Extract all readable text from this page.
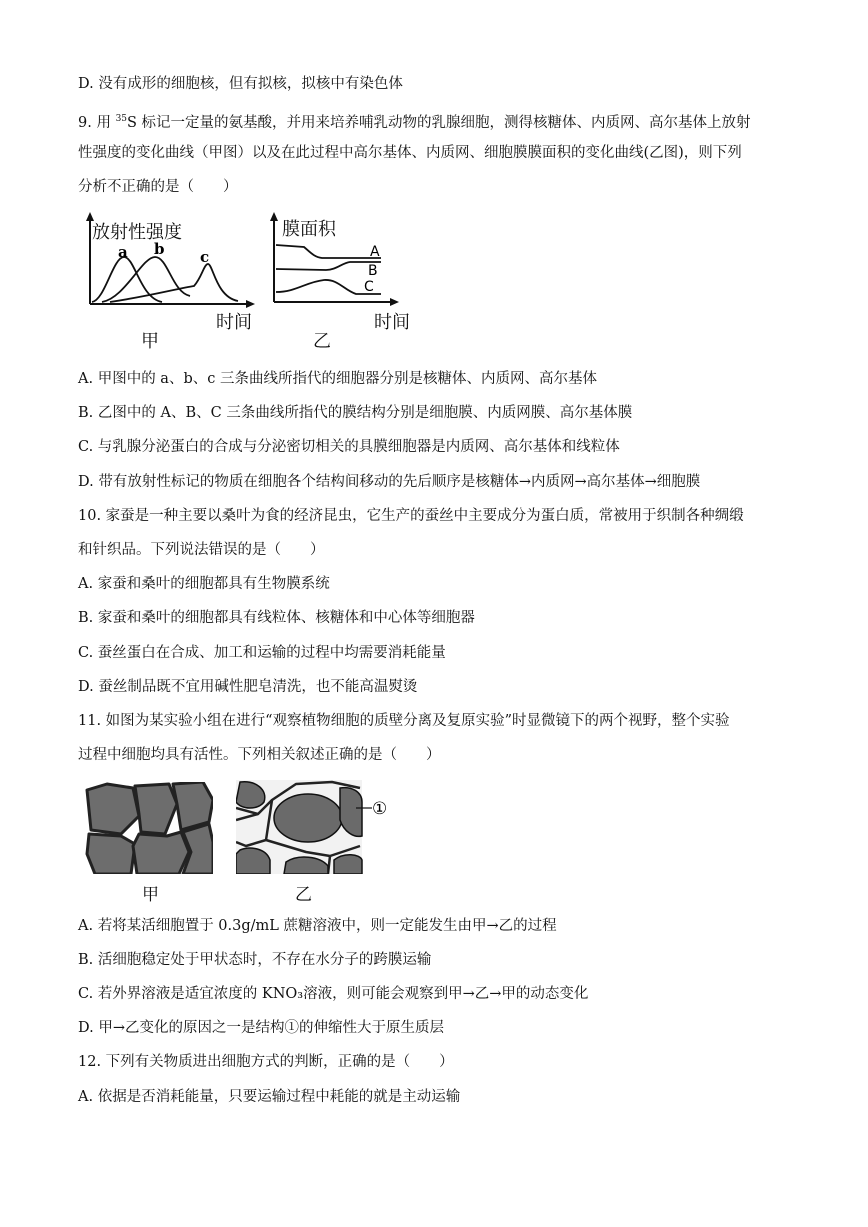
D. 没有成形的细胞核，但有拟核，拟核中有染色体
9. 用 $^{35}$S 标记一定量的氨基酸，并用来培养哺乳动物的乳腺细胞，测得核糖体、内质网、高尔基体上放射
性强度的变化曲线（甲图）以及在此过程中高尔基体、内质网、细胞膜膜面积的变化曲线(乙图)，则下列
分析不正确的是（　　）
a b c
放射性强度
时间
甲
A
B
C
膜面积
时间
乙
A. 甲图中的 a、b、c 三条曲线所指代的细胞器分别是核糖体、内质网、高尔基体
B. 乙图中的 A、B、C 三条曲线所指代的膜结构分别是细胞膜、内质网膜、高尔基体膜
C. 与乳腺分泌蛋白的合成与分泌密切相关的具膜细胞器是内质网、高尔基体和线粒体
D. 带有放射性标记的物质在细胞各个结构间移动的先后顺序是核糖体→内质网→高尔基体→细胞膜
10. 家蚕是一种主要以桑叶为食的经济昆虫，它生产的蚕丝中主要成分为蛋白质，常被用于织制各种绸缎
和针织品。下列说法错误的是（　　）
A. 家蚕和桑叶的细胞都具有生物膜系统
B. 家蚕和桑叶的细胞都具有线粒体、核糖体和中心体等细胞器
C. 蚕丝蛋白在合成、加工和运输的过程中均需要消耗能量
D. 蚕丝制品既不宜用碱性肥皂清洗，也不能高温熨烫
11. 如图为某实验小组在进行“观察植物细胞的质壁分离及复原实验”时显微镜下的两个视野，整个实验
过程中细胞均具有活性。下列相关叙述正确的是（　　）
甲
①
乙
A. 若将某活细胞置于 0.3g/mL 蔗糖溶液中，则一定能发生由甲→乙的过程
B. 活细胞稳定处于甲状态时，不存在水分子的跨膜运输
C. 若外界溶液是适宜浓度的 KNO₃溶液，则可能会观察到甲→乙→甲的动态变化
D. 甲→乙变化的原因之一是结构①的伸缩性大于原生质层
12. 下列有关物质进出细胞方式的判断，正确的是（　　）
A. 依据是否消耗能量，只要运输过程中耗能的就是主动运输
